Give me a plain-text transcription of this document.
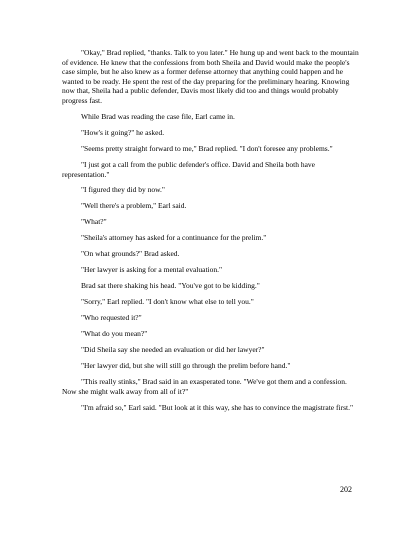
"Okay," Brad replied, "thanks. Talk to you later." He hung up and went back to the mountain of evidence. He knew that the confessions from both Sheila and David would make the people's case simple, but he also knew as a former defense attorney that anything could happen and he wanted to be ready. He spent the rest of the day preparing for the preliminary hearing. Knowing now that, Sheila had a public defender, Davis most likely did too and things would probably progress fast.

While Brad was reading the case file, Earl came in.

"How's it going?" he asked.

"Seems pretty straight forward to me," Brad replied. "I don't foresee any problems."

"I just got a call from the public defender's office. David and Sheila both have representation."

"I figured they did by now."

"Well there's a problem," Earl said.

"What?"

"Sheila's attorney has asked for a continuance for the prelim."

"On what grounds?" Brad asked.

"Her lawyer is asking for a mental evaluation."

Brad sat there shaking his head. "You've got to be kidding."

"Sorry," Earl replied. "I don't know what else to tell you."

"Who requested it?"

"What do you mean?"

"Did Sheila say she needed an evaluation or did her lawyer?"

"Her lawyer did, but she will still go through the prelim before hand."

"This really stinks," Brad said in an exasperated tone. "We've got them and a confession. Now she might walk away from all of it?"

"I'm afraid so," Earl said. "But look at it this way, she has to convince the magistrate first."

202
